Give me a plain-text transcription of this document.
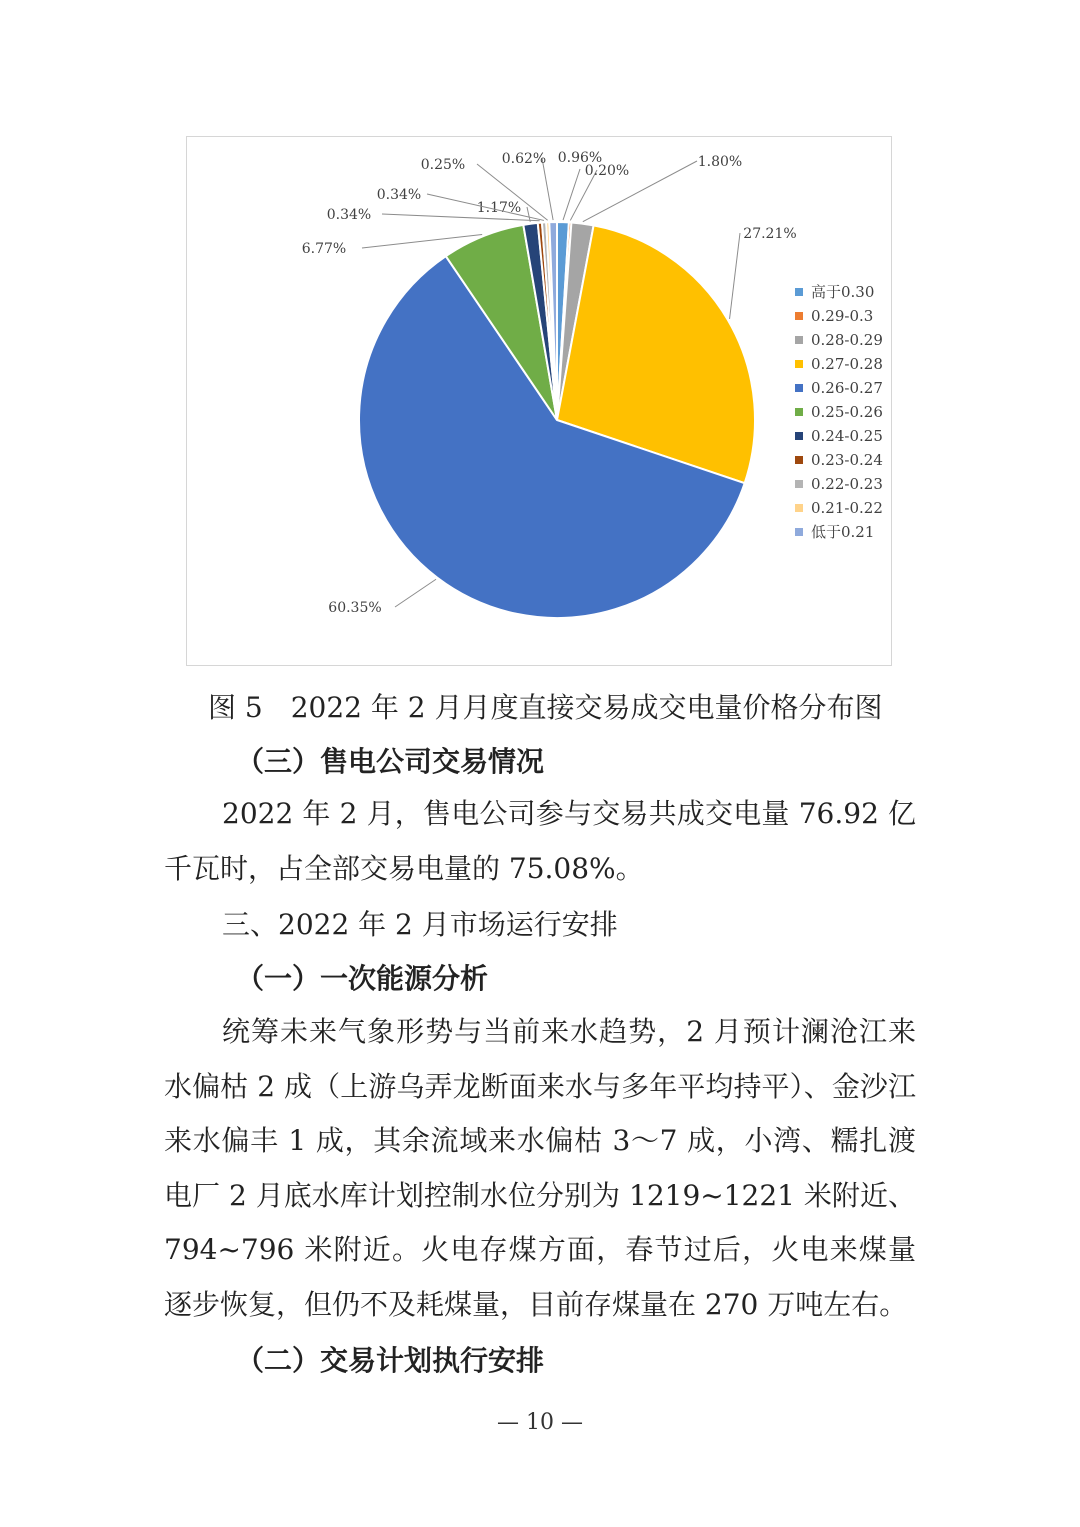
0.96%
0.20%
1.80%
27.21%
60.35%
6.77%
1.17%
0.34%
0.34%
0.25%	0.62%
高于0.30
0.29-0.3
0.28-0.29
0.27-0.28
0.26-0.27
0.25-0.26
0.24-0.25
0.23-0.24
0.22-0.23
0.21-0.22
低于0.21
图 5　2022 年 2 月月度直接交易成交电量价格分布图
（三）售电公司交易情况

2022 年 2 月，售电公司参与交易共成交电量 76.92 亿千瓦时，占全部交易电量的 75.08%。

三、2022 年 2 月市场运行安排
（一）一次能源分析

统筹未来气象形势与当前来水趋势，2 月预计澜沧江来水偏枯 2 成（上游乌弄龙断面来水与多年平均持平）、金沙江来水偏丰 1 成，其余流域来水偏枯 3～7 成，小湾、糯扎渡电厂 2 月底水库计划控制水位分别为 1219~1221 米附近、794~796 米附近。火电存煤方面，春节过后，火电来煤量逐步恢复，但仍不及耗煤量，目前存煤量在 270 万吨左右。

（二）交易计划执行安排
— 10 —
